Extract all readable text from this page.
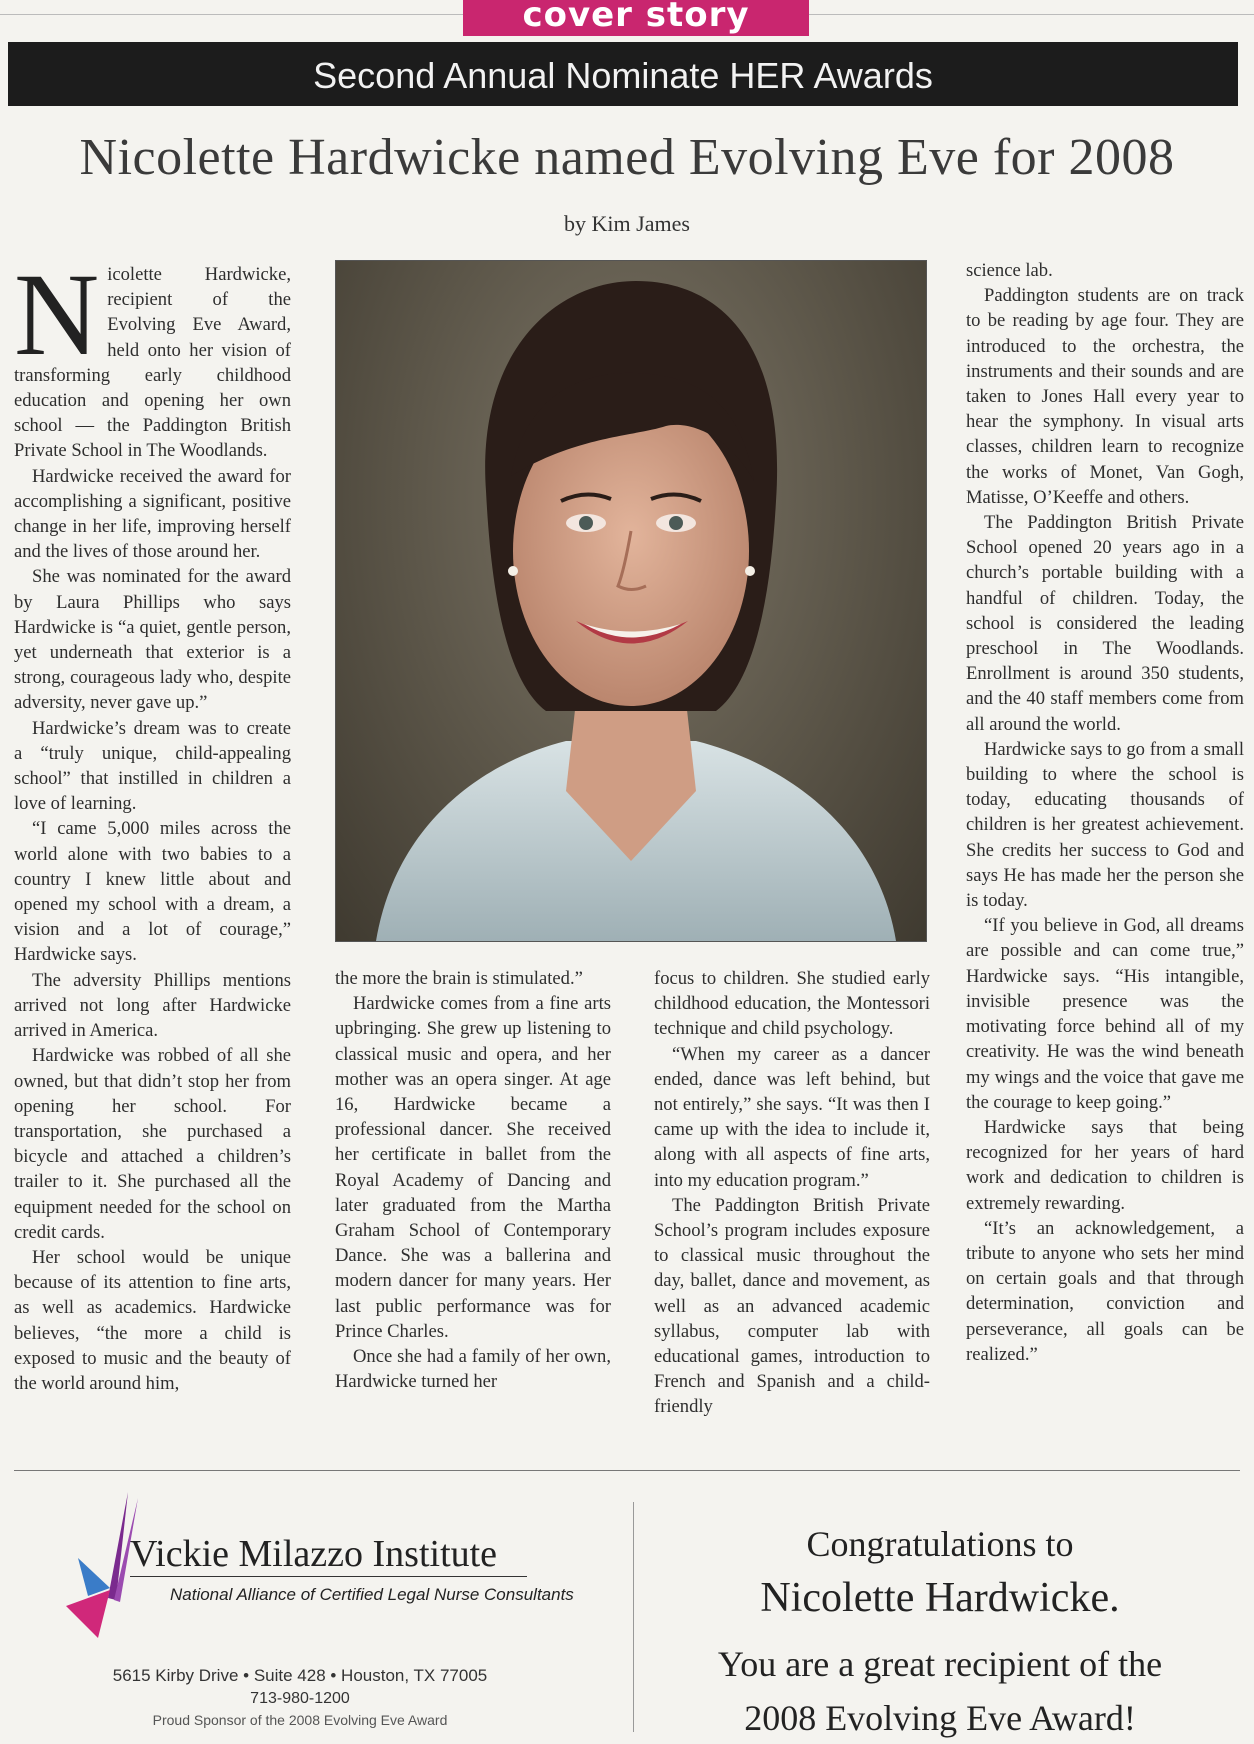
cover story
Second Annual Nominate HER Awards
Nicolette Hardwicke named Evolving Eve for 2008
by Kim James

N icolette Hardwicke, recipient of the Evolving Eve Award, held onto her vision of transforming early childhood education and opening her own school — the Paddington British Private School in The Woodlands.

Hardwicke received the award for accomplishing a significant, positive change in her life, improving herself and the lives of those around her.

She was nominated for the award by Laura Phillips who says Hardwicke is “a quiet, gentle person, yet underneath that exterior is a strong, courageous lady who, despite adversity, never gave up.”

Hardwicke’s dream was to create a “truly unique, child-appealing school” that instilled in children a love of learning.

“I came 5,000 miles across the world alone with two babies to a country I knew little about and opened my school with a dream, a vision and a lot of courage,” Hardwicke says.

The adversity Phillips mentions arrived not long after Hardwicke arrived in America.

Hardwicke was robbed of all she owned, but that didn’t stop her from opening her school. For transportation, she purchased a bicycle and attached a children’s trailer to it. She purchased all the equipment needed for the school on credit cards.

Her school would be unique because of its attention to fine arts, as well as academics. Hardwicke believes, “the more a child is exposed to music and the beauty of the world around him,

the more the brain is stimulated.”

Hardwicke comes from a fine arts upbringing. She grew up listening to classical music and opera, and her mother was an opera singer. At age 16, Hardwicke became a professional dancer. She received her certificate in ballet from the Royal Academy of Dancing and later graduated from the Martha Graham School of Contemporary Dance. She was a ballerina and modern dancer for many years. Her last public performance was for Prince Charles.

Once she had a family of her own, Hardwicke turned her

focus to children. She studied early childhood education, the Montessori technique and child psychology.

“When my career as a dancer ended, dance was left behind, but not entirely,” she says. “It was then I came up with the idea to include it, along with all aspects of fine arts, into my education program.”

The Paddington British Private School’s program includes exposure to classical music throughout the day, ballet, dance and movement, as well as an advanced academic syllabus, computer lab with educational games, introduction to French and Spanish and a child-friendly

science lab.

Paddington students are on track to be reading by age four. They are introduced to the orchestra, the instruments and their sounds and are taken to Jones Hall every year to hear the symphony. In visual arts classes, children learn to recognize the works of Monet, Van Gogh, Matisse, O’Keeffe and others.

The Paddington British Private School opened 20 years ago in a church’s portable building with a handful of children. Today, the school is considered the leading preschool in The Woodlands. Enrollment is around 350 students, and the 40 staff members come from all around the world.

Hardwicke says to go from a small building to where the school is today, educating thousands of children is her greatest achievement. She credits her success to God and says He has made her the person she is today.

“If you believe in God, all dreams are possible and can come true,” Hardwicke says. “His intangible, invisible presence was the motivating force behind all of my creativity. He was the wind beneath my wings and the voice that gave me the courage to keep going.”

Hardwicke says that being recognized for her years of hard work and dedication to children is extremely rewarding.

“It’s an acknowledgement, a tribute to anyone who sets her mind on certain goals and that through determination, conviction and perseverance, all goals can be realized.”

Vickie Milazzo Institute
National Alliance of Certified Legal Nurse Consultants
5615 Kirby Drive • Suite 428 • Houston, TX 77005
713-980-1200
Proud Sponsor of the 2008 Evolving Eve Award
Congratulations to
Nicolette Hardwicke.
You are a great recipient of the
2008 Evolving Eve Award!
